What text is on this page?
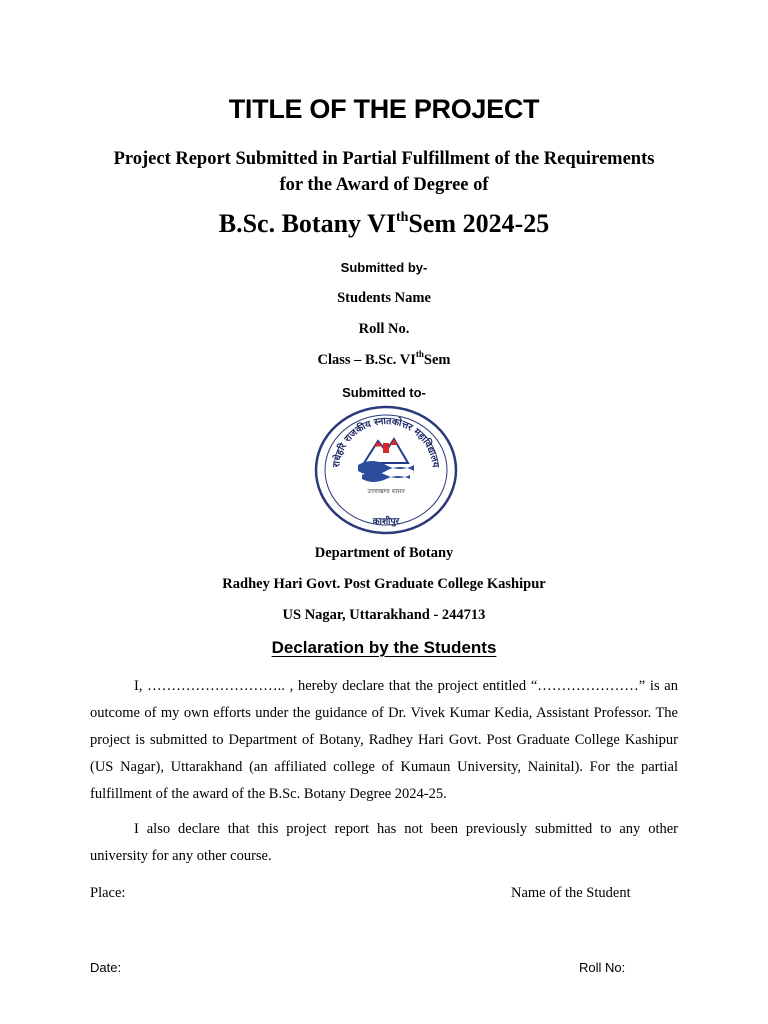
TITLE OF THE PROJECT
Project Report Submitted in Partial Fulfillment of the Requirements
for the Award of Degree of
B.Sc. Botany VIthSem 2024-25
Submitted by-
Students Name
Roll No.
Class – B.Sc. VIthSem
Submitted to-
राधेहरि राजकीय स्नातकोत्तर महाविद्यालय
उत्तराखण्ड शासन
काशीपुर
Department of Botany
Radhey Hari Govt. Post Graduate College Kashipur
US Nagar, Uttarakhand - 244713
Declaration by the Students
I, ……………………….. , hereby declare that the project entitled “…………………” is an outcome of my own efforts under the guidance of Dr. Vivek Kumar Kedia, Assistant Professor. The project is submitted to Department of Botany, Radhey Hari Govt. Post Graduate College Kashipur (US Nagar), Uttarakhand (an affiliated college of Kumaun University, Nainital). For the partial fulfillment of the award of the B.Sc. Botany Degree 2024-25.
I also declare that this project report has not been previously submitted to any other university for any other course.
Place:	Name of the Student
Date:	Roll No:
